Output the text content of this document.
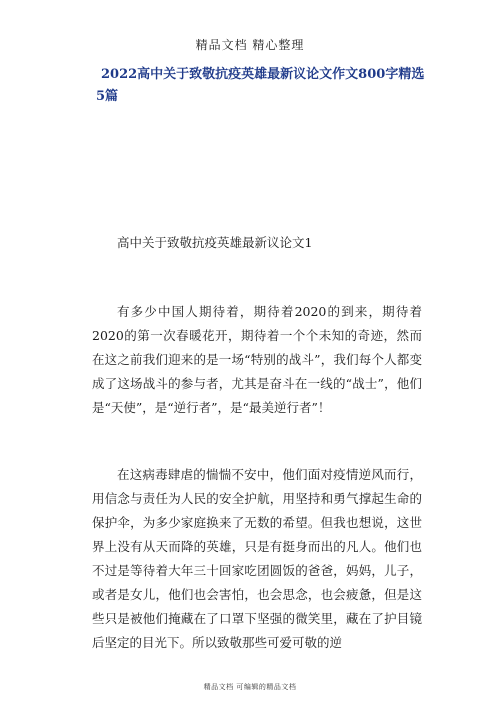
精品文档 精心整理
2022高中关于致敬抗疫英雄最新议论文作文800字精选5篇
高中关于致敬抗疫英雄最新议论文1

有多少中国人期待着，期待着2020的到来，期待着2020的第一次春暖花开，期待着一个个未知的奇迹，然而在这之前我们迎来的是一场“特别的战斗”，我们每个人都变成了这场战斗的参与者，尤其是奋斗在一线的“战士”，他们是“天使”，是“逆行者”，是“最美逆行者”！

在这病毒肆虐的惴惴不安中，他们面对疫情逆风而行，用信念与责任为人民的安全护航，用坚持和勇气撑起生命的保护伞，为多少家庭换来了无数的希望。但我也想说，这世界上没有从天而降的英雄，只是有挺身而出的凡人。他们也不过是等待着大年三十回家吃团圆饭的爸爸，妈妈，儿子，或者是女儿，他们也会害怕，也会思念，也会疲惫，但是这些只是被他们掩藏在了口罩下坚强的微笑里，藏在了护目镜后坚定的目光下。所以致敬那些可爱可敬的逆

精品文档 可编辑的精品文档
